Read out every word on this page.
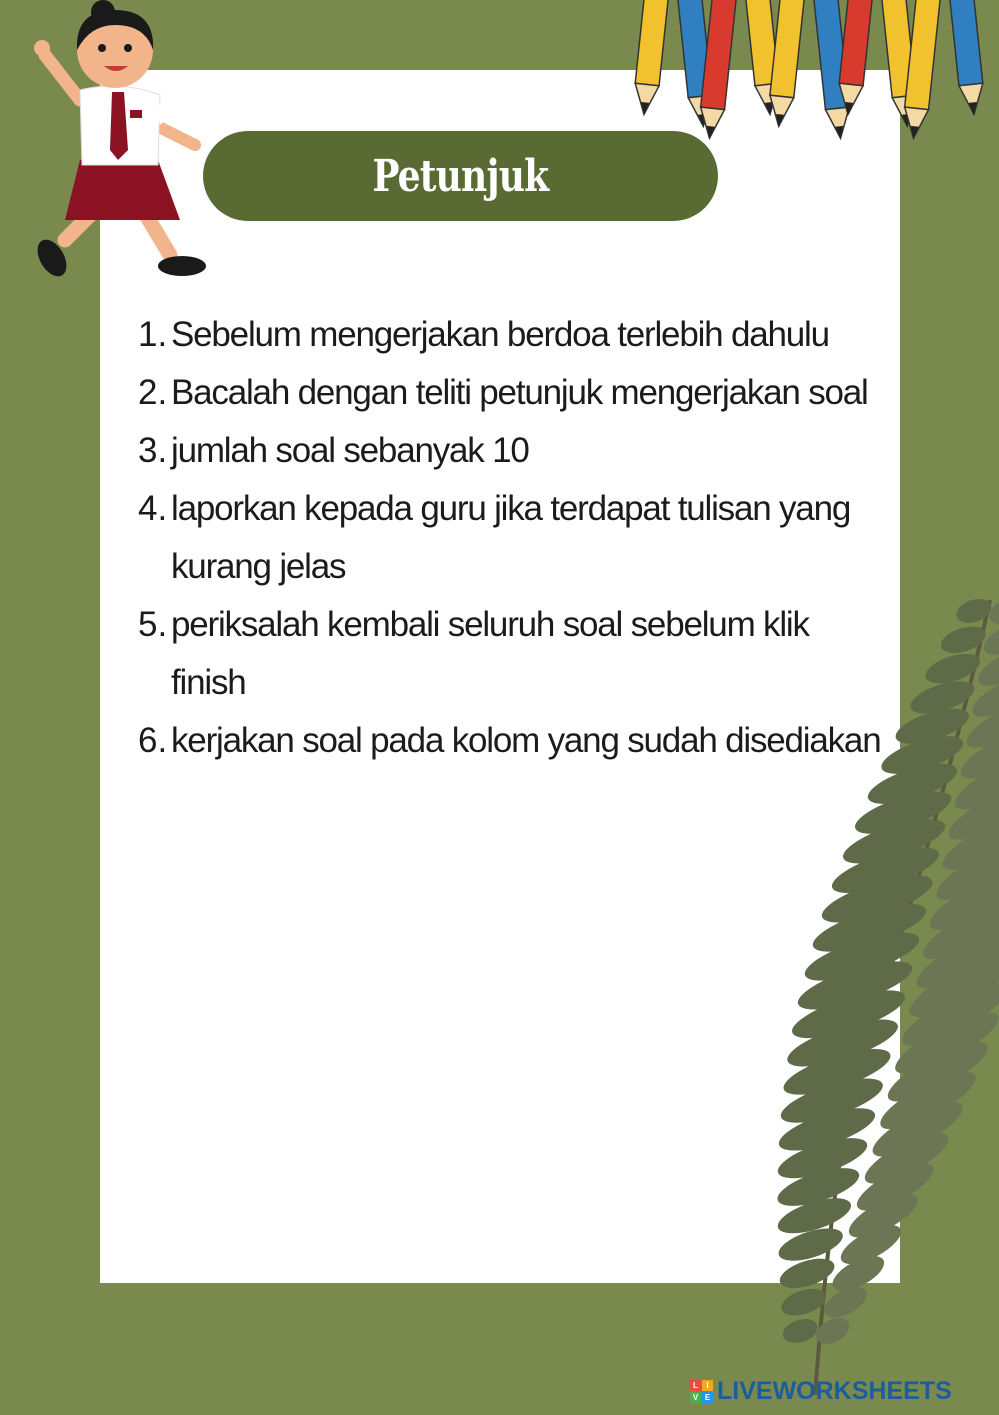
Petunjuk
1. Sebelum mengerjakan berdoa terlebih dahulu
2. Bacalah dengan teliti petunjuk mengerjakan soal
3. jumlah soal sebanyak 10
4. laporkan kepada guru jika terdapat tulisan yang kurang jelas
5. periksalah kembali seluruh soal sebelum klik finish
6. kerjakan soal pada kolom yang sudah disediakan
L	I
V E LIVEWORKSHEETS
